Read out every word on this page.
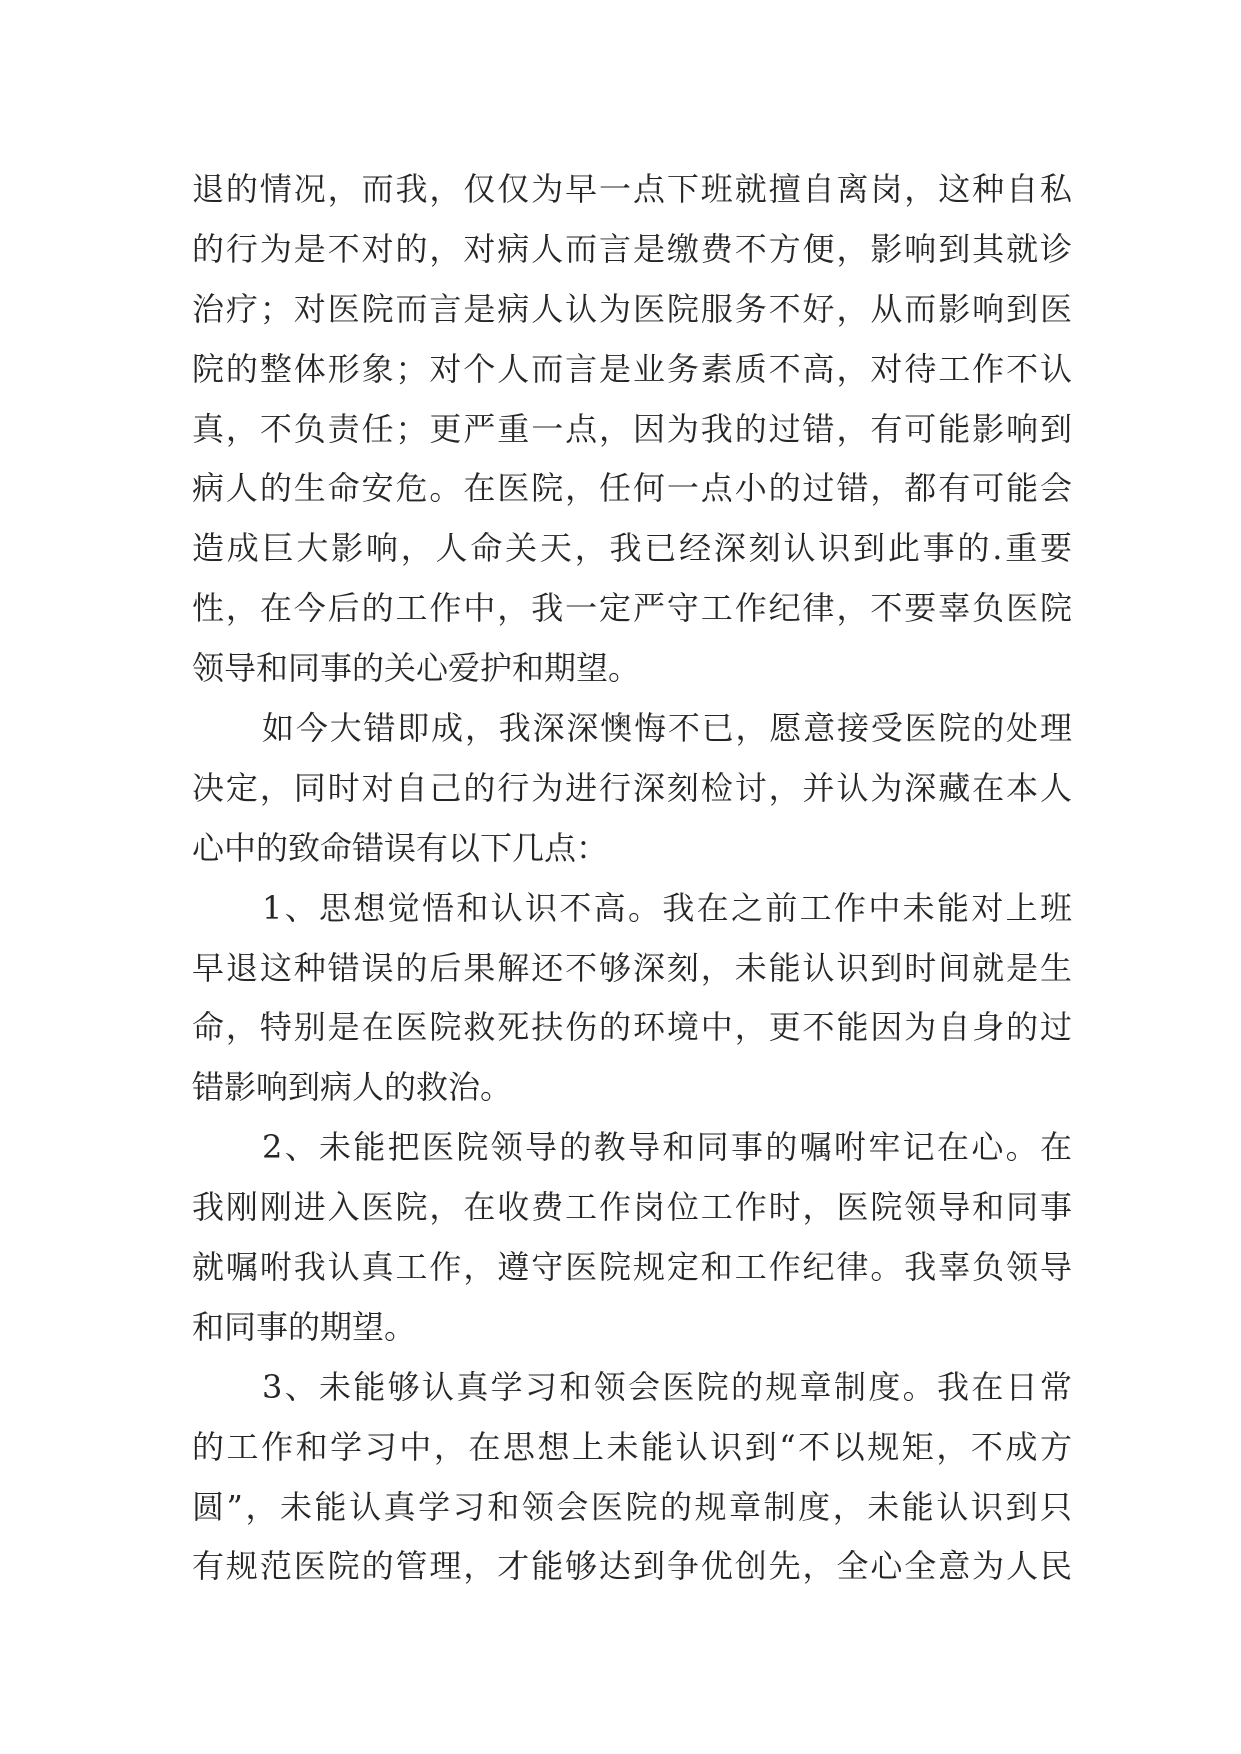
退的情况，而我，仅仅为早一点下班就擅自离岗，这种自私
的行为是不对的，对病人而言是缴费不方便，影响到其就诊
治疗；对医院而言是病人认为医院服务不好，从而影响到医
院的整体形象；对个人而言是业务素质不高，对待工作不认
真，不负责任；更严重一点，因为我的过错，有可能影响到
病人的生命安危。在医院，任何一点小的过错，都有可能会
造成巨大影响，人命关天，我已经深刻认识到此事的.重要
性，在今后的工作中，我一定严守工作纪律，不要辜负医院
领导和同事的关心爱护和期望。
如今大错即成，我深深懊悔不已，愿意接受医院的处理
决定，同时对自己的行为进行深刻检讨，并认为深藏在本人
心中的致命错误有以下几点：
1、思想觉悟和认识不高。我在之前工作中未能对上班
早退这种错误的后果解还不够深刻，未能认识到时间就是生
命，特别是在医院救死扶伤的环境中，更不能因为自身的过
错影响到病人的救治。
2、未能把医院领导的教导和同事的嘱咐牢记在心。在
我刚刚进入医院，在收费工作岗位工作时，医院领导和同事
就嘱咐我认真工作，遵守医院规定和工作纪律。我辜负领导
和同事的期望。
3、未能够认真学习和领会医院的规章制度。我在日常
的工作和学习中，在思想上未能认识到“不以规矩，不成方
圆”，未能认真学习和领会医院的规章制度，未能认识到只
有规范医院的管理，才能够达到争优创先，全心全意为人民
